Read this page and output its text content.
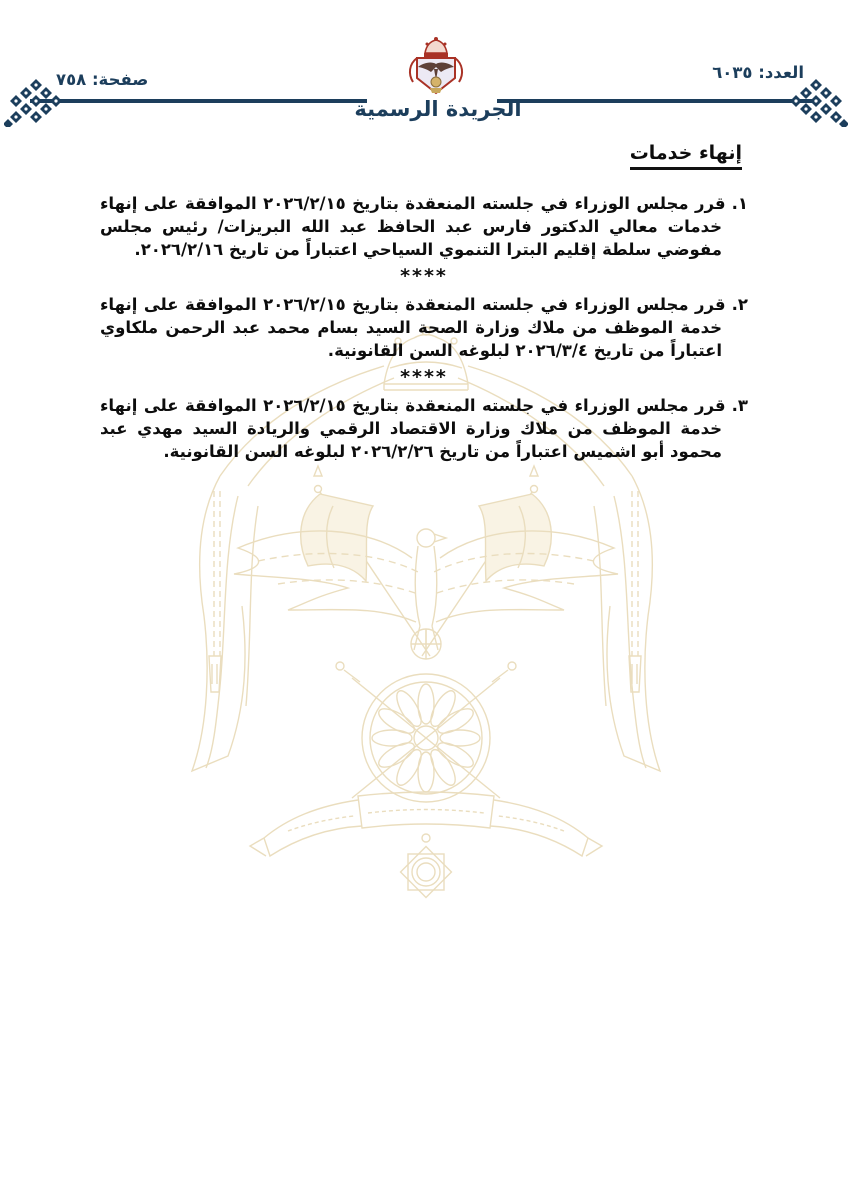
العدد: ٦٠٣٥
صفحة: ٧٥٨
الجريدة الرسمية
إنهاء خدمات
١.قرر مجلس الوزراء في جلسته المنعقدة بتاريخ ٢٠٢٦/٢/١٥ الموافقة على إنهاء خدمات معالي الدكتور فارس عبد الحافظ عبد الله البريزات/ رئيس مجلس مفوضي سلطة إقليم البترا التنموي السياحي اعتباراً من تاريخ ٢٠٢٦/٢/١٦.
****
٢.قرر مجلس الوزراء في جلسته المنعقدة بتاريخ ٢٠٢٦/٢/١٥ الموافقة على إنهاء خدمة الموظف من ملاك وزارة الصحة السيد بسام محمد عبد الرحمن ملكاوي اعتباراً من تاريخ ٢٠٢٦/٣/٤ لبلوغه السن القانونية.
****
٣.قرر مجلس الوزراء في جلسته المنعقدة بتاريخ ٢٠٢٦/٢/١٥ الموافقة على إنهاء خدمة الموظف من ملاك وزارة الاقتصاد الرقمي والريادة السيد مهدي عبد محمود أبو اشميس اعتباراً من تاريخ ٢٠٢٦/٢/٢٦ لبلوغه السن القانونية.
